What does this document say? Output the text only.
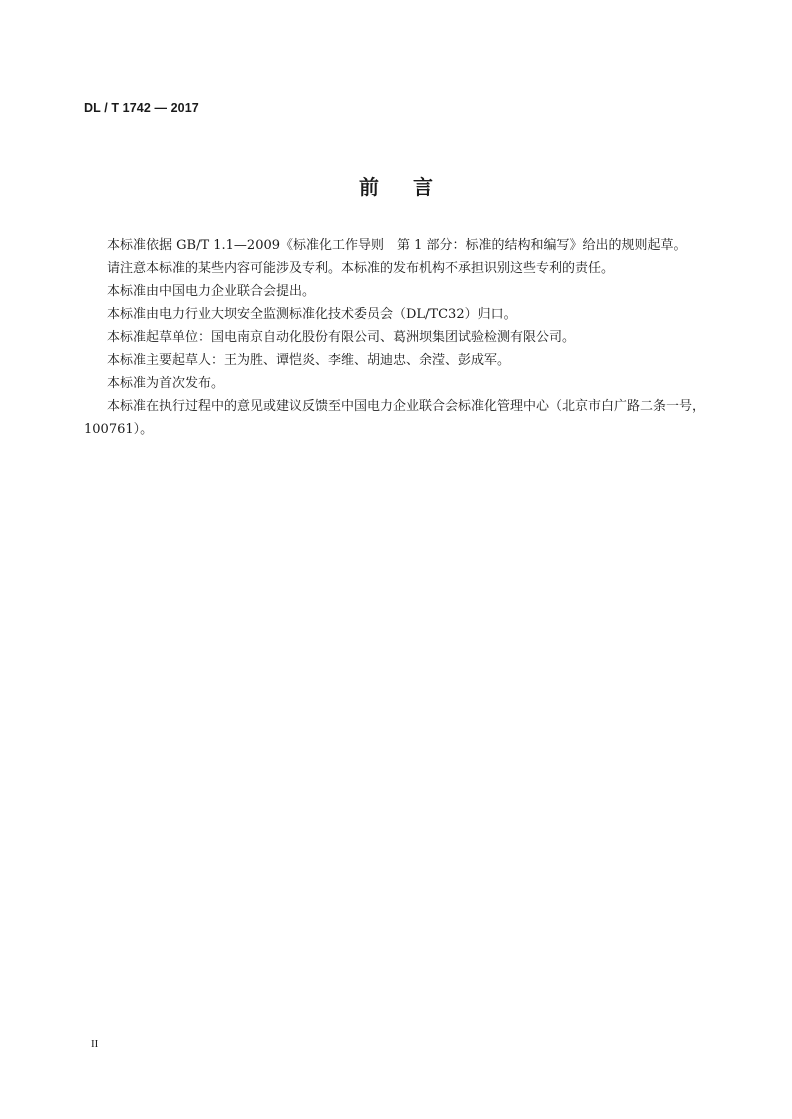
DL / T 1742 — 2017
前言

本标准依据 GB/T 1.1—2009《标准化工作导则　第 1 部分：标准的结构和编写》给出的规则起草。

请注意本标准的某些内容可能涉及专利。本标准的发布机构不承担识别这些专利的责任。

本标准由中国电力企业联合会提出。

本标准由电力行业大坝安全监测标准化技术委员会（DL/TC32）归口。

本标准起草单位：国电南京自动化股份有限公司、葛洲坝集团试验检测有限公司。

本标准主要起草人：王为胜、谭恺炎、李维、胡迪忠、余滢、彭成军。

本标准为首次发布。

本标准在执行过程中的意见或建议反馈至中国电力企业联合会标准化管理中心（北京市白广路二条一号，100761）。

II
